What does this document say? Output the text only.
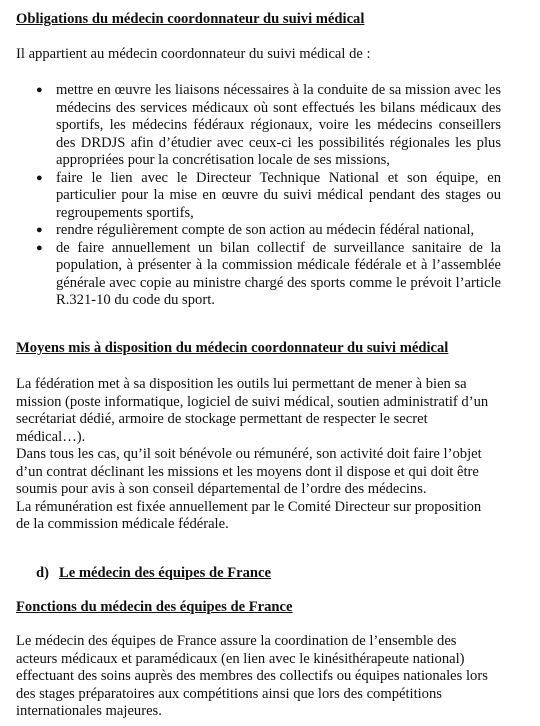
Obligations du médecin coordonnateur du suivi médical
Il appartient au médecin coordonnateur du suivi médical de :
● mettre en œuvre les liaisons nécessaires à la conduite de sa mission avec les médecins des services médicaux où sont effectués les bilans médicaux des sportifs, les médecins fédéraux régionaux, voire les médecins conseillers des DRDJS afin d’étudier avec ceux-ci les possibilités régionales les plus appropriées pour la concrétisation locale de ses missions,
● faire le lien avec le Directeur Technique National et son équipe, en particulier pour la mise en œuvre du suivi médical pendant des stages ou regroupements sportifs,
● rendre régulièrement compte de son action au médecin fédéral national,
● de faire annuellement un bilan collectif de surveillance sanitaire de la population, à présenter à la commission médicale fédérale et à l’assemblée générale avec copie au ministre chargé des sports comme le prévoit l’article R.321-10 du code du sport.
Moyens mis à disposition du médecin coordonnateur du suivi médical
La fédération met à sa disposition les outils lui permettant de mener à bien sa
mission (poste informatique, logiciel de suivi médical, soutien administratif d’un
secrétariat dédié, armoire de stockage permettant de respecter le secret
médical…).
Dans tous les cas, qu’il soit bénévole ou rémunéré, son activité doit faire l’objet
d’un contrat déclinant les missions et les moyens dont il dispose et qui doit être
soumis pour avis à son conseil départemental de l’ordre des médecins.
La rémunération est fixée annuellement par le Comité Directeur sur proposition
de la commission médicale fédérale.
d) Le médecin des équipes de France
Fonctions du médecin des équipes de France
Le médecin des équipes de France assure la coordination de l’ensemble des
acteurs médicaux et paramédicaux (en lien avec le kinésithérapeute national)
effectuant des soins auprès des membres des collectifs ou équipes nationales lors
des stages préparatoires aux compétitions ainsi que lors des compétitions
internationales majeures.
